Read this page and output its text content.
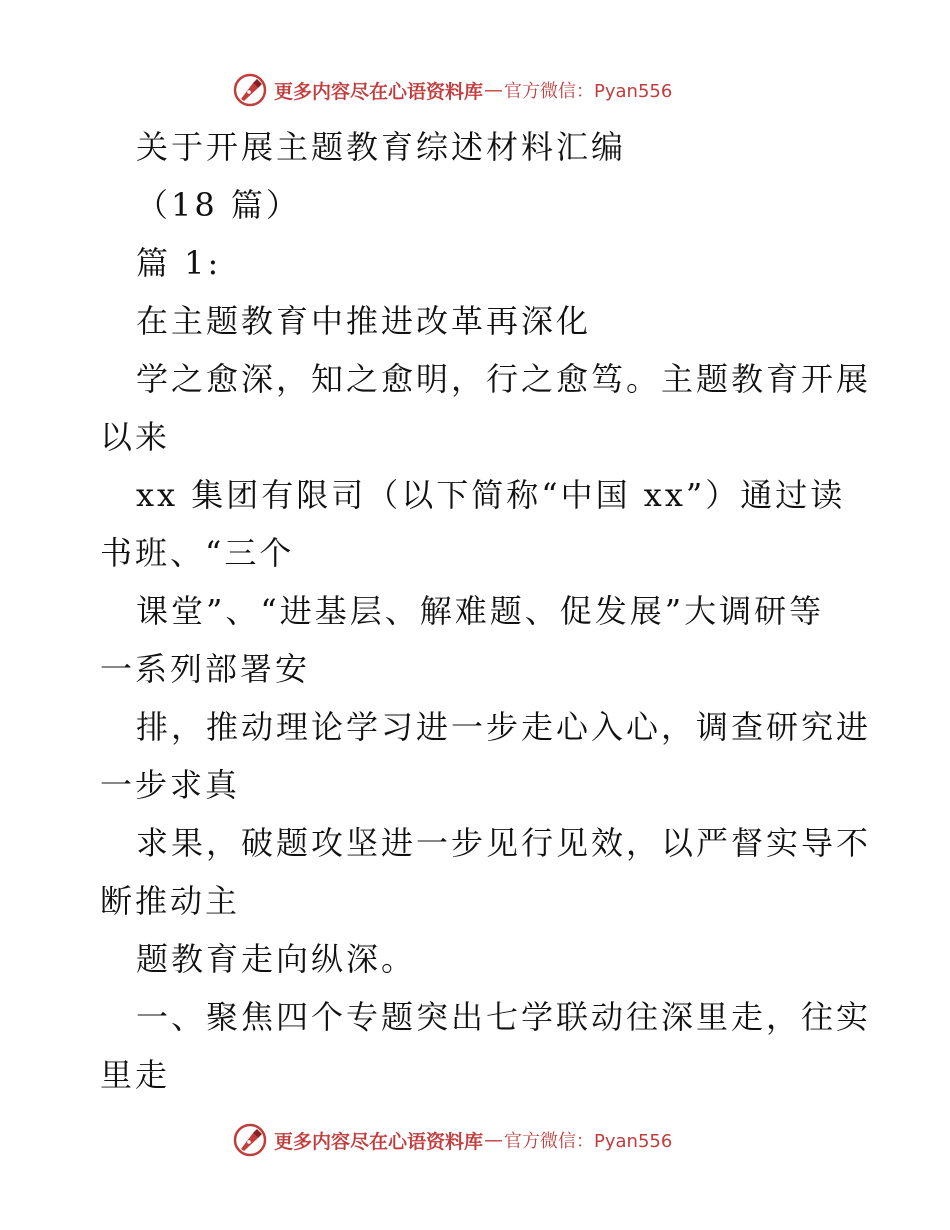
更多内容尽在心语资料库 — 官方微信：Pyan556
关于开展主题教育综述材料汇编
（18 篇）
篇 1:
在主题教育中推进改革再深化
学之愈深，知之愈明，行之愈笃。主题教育开展
以来
xx 集团有限司（以下简称“中国 xx”）通过读
书班、“三个
课堂”、“进基层、解难题、促发展”大调研等
一系列部署安
排，推动理论学习进一步走心入心，调查研究进
一步求真
求果，破题攻坚进一步见行见效，以严督实导不
断推动主
题教育走向纵深。
一、聚焦四个专题突出七学联动往深里走，往实
里走
更多内容尽在心语资料库 — 官方微信：Pyan556
